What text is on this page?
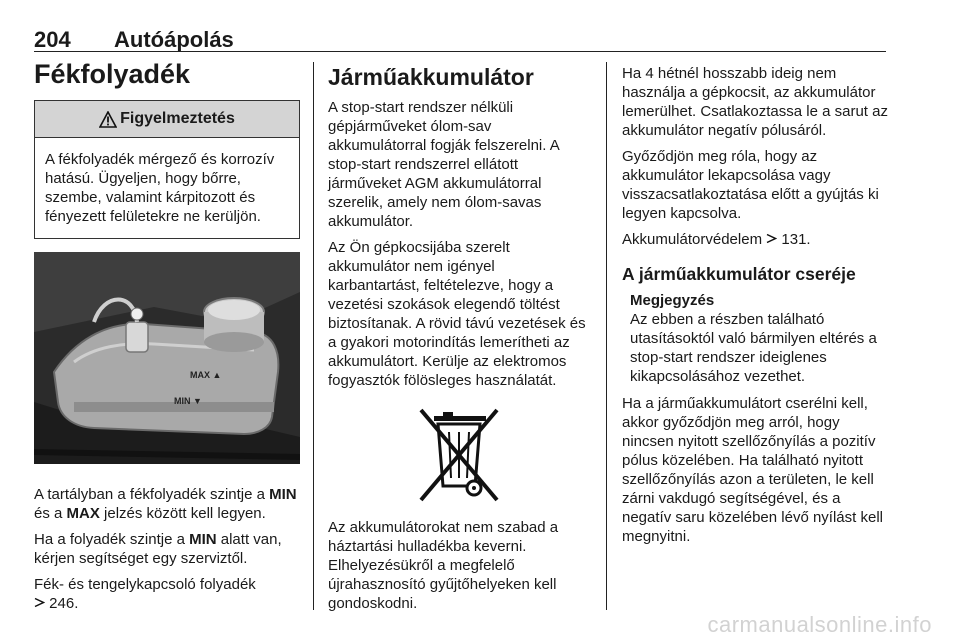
204 Autóápolás
Fékfolyadék
Figyelmeztetés
A fékfolyadék mérgező és korrozív hatású. Ügyeljen, hogy bőrre, szembe, valamint kárpitozott és fényezett felületekre ne kerüljön.
MAX ▲
MIN ▼

A tartályban a fékfolyadék szintje a MIN és a MAX jelzés között kell legyen.

Ha a folyadék szintje a MIN alatt van, kérjen segítséget egy szerviztől.

Fék- és tengelykapcsoló folyadék
246.

Járműakkumulátor

A stop-start rendszer nélküli gépjárműveket ólom-sav akkumulátorral fogják felszerelni. A stop-start rendszerrel ellátott járműveket AGM akkumulátorral szerelik, amely nem ólom-savas akkumulátor.

Az Ön gépkocsijába szerelt akkumulátor nem igényel karbantartást, feltételezve, hogy a vezetési szokások elegendő töltést biztosítanak. A rövid távú vezetések és a gyakori motorindítás lemerítheti az akkumulátort. Kerülje az elektromos fogyasztók fölösleges használatát.

Az akkumulátorokat nem szabad a háztartási hulladékba keverni. Elhelyezésükről a megfelelő újrahasznosító gyűjtőhelyeken kell gondoskodni.

Ha 4 hétnél hosszabb ideig nem használja a gépkocsit, az akkumulátor lemerülhet. Csatlakoztassa le a sarut az akkumulátor negatív pólusáról.

Győződjön meg róla, hogy az akkumulátor lekapcsolása vagy visszacsatlakoztatása előtt a gyújtás ki legyen kapcsolva.

Akkumulátorvédelem 131.

A járműakkumulátor cseréje
Megjegyzés

Az ebben a részben található utasításoktól való bármilyen eltérés a stop-start rendszer ideiglenes kikapcsolásához vezethet.

Ha a járműakkumulátort cserélni kell, akkor győződjön meg arról, hogy nincsen nyitott szellőzőnyílás a pozitív pólus közelében. Ha található nyitott szellőzőnyílás azon a területen, le kell zárni vakdugó segítségével, és a negatív saru közelében lévő nyílást kell megnyitni.

carmanualsonline.info
